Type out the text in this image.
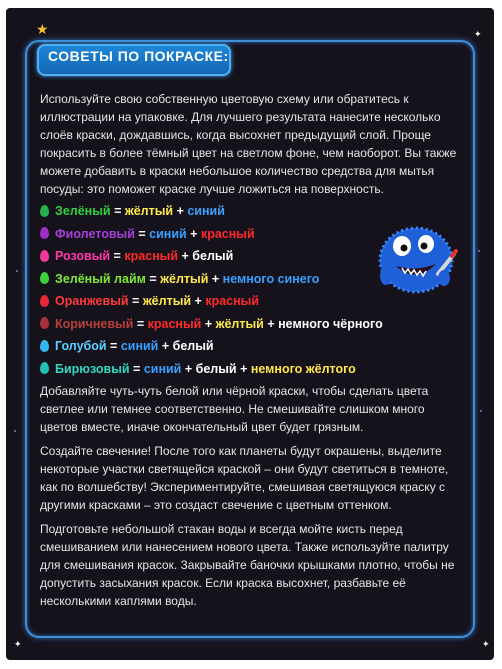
★	✦
✦	✦
СОВЕТЫ ПО ПОКРАСКЕ:
Используйте свою собственную цветовую схему или обратитесь к иллюстрации на упаковке. Для лучшего результата нанесите несколько слоёв краски, дождавшись, когда высохнет предыдущий слой. Проще покрасить в более тёмный цвет на светлом фоне, чем наоборот. Вы также можете добавить в краски небольшое количество средства для мытья посуды: это поможет краске лучше ложиться на поверхность.
Зелёный = жёлтый + синий
Фиолетовый = синий + красный
Розовый = красный + белый
Зелёный лайм = жёлтый + немного синего
Оранжевый = жёлтый + красный
Коричневый = красный + жёлтый + немного чёрного
Голубой = синий + белый
Бирюзовый = синий + белый + немного жёлтого
Добавляйте чуть-чуть белой или чёрной краски, чтобы сделать цвета светлее или темнее соответственно. Не смешивайте слишком много цветов вместе, иначе окончательный цвет будет грязным.
Создайте свечение! После того как планеты будут окрашены, выделите некоторые участки светящейся краской – они будут светиться в темноте, как по волшебству! Экспериментируйте, смешивая светящуюся краску с другими красками – это создаст свечение с цветным оттенком.
Подготовьте небольшой стакан воды и всегда мойте кисть перед смешиванием или нанесением нового цвета. Также используйте палитру для смешивания красок. Закрывайте баночки крышками плотно, чтобы не допустить засыхания красок. Если краска высохнет, разбавьте её несколькими каплями воды.
